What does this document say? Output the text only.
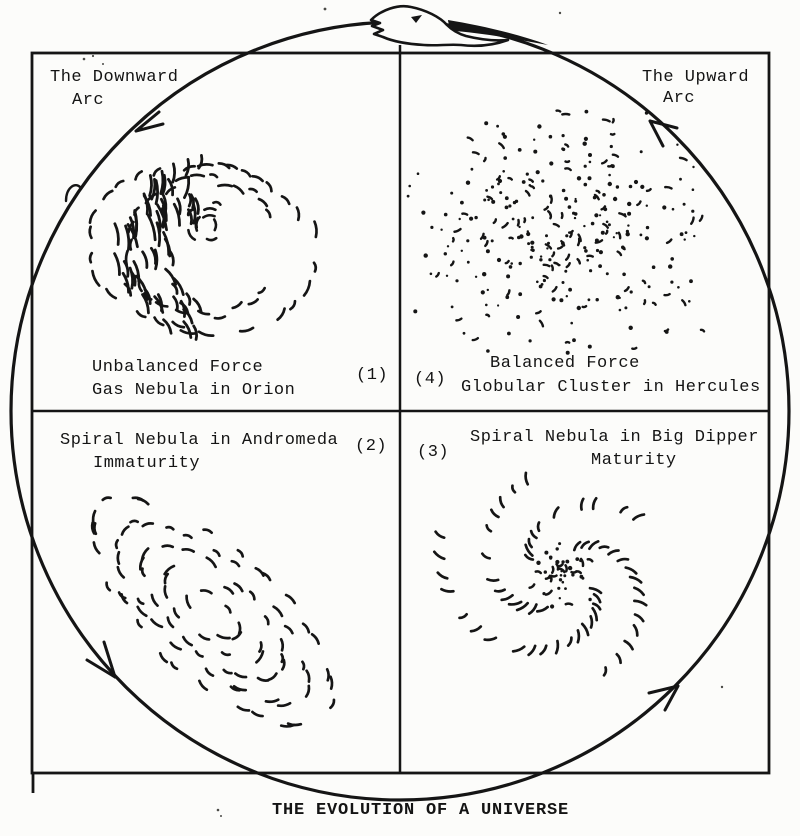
The Downward
Arc
The Upward
Arc
Unbalanced Force
Gas Nebula in Orion
(1) (4)
Balanced Force
Globular Cluster in Hercules
Spiral Nebula in Andromeda
Immaturity
(2) (3)
Spiral Nebula in Big Dipper
Maturity
THE EVOLUTION OF A UNIVERSE
